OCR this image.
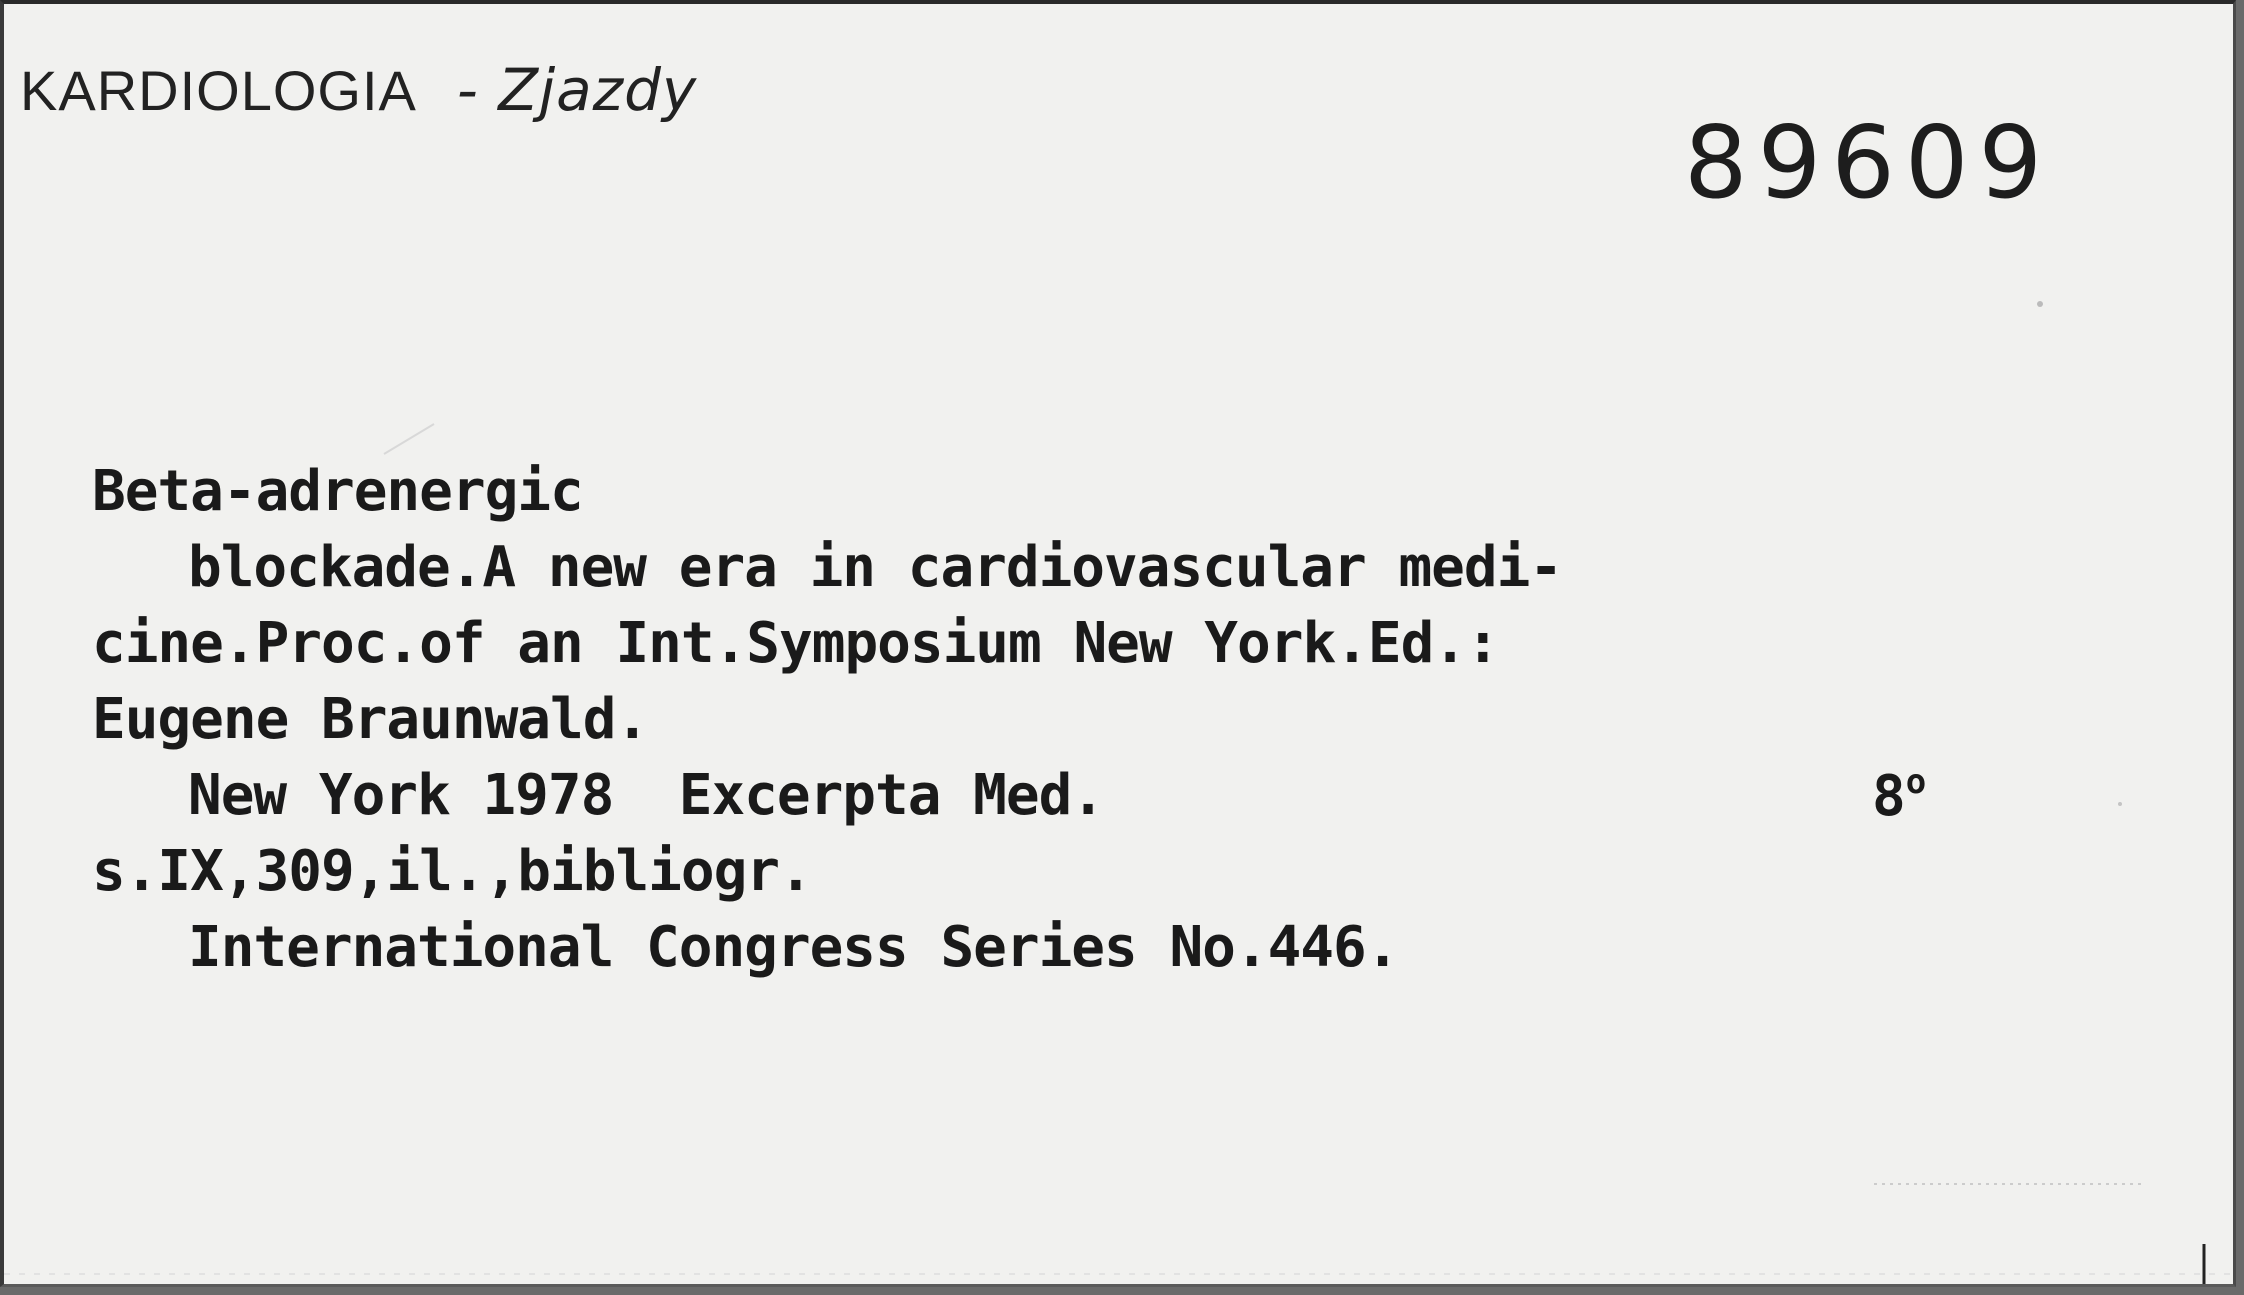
KARDIOLOGIA - Zjazdy
89609

Beta-adrenergic
blockade.A new era in cardiovascular medi-
cine.Proc.of an Int.Symposium New York.Ed.:
Eugene Braunwald.
New York 1978  Excerpta Med.
s.IX,309,il.,bibliogr.
International Congress Series No.446.

8$^o$
